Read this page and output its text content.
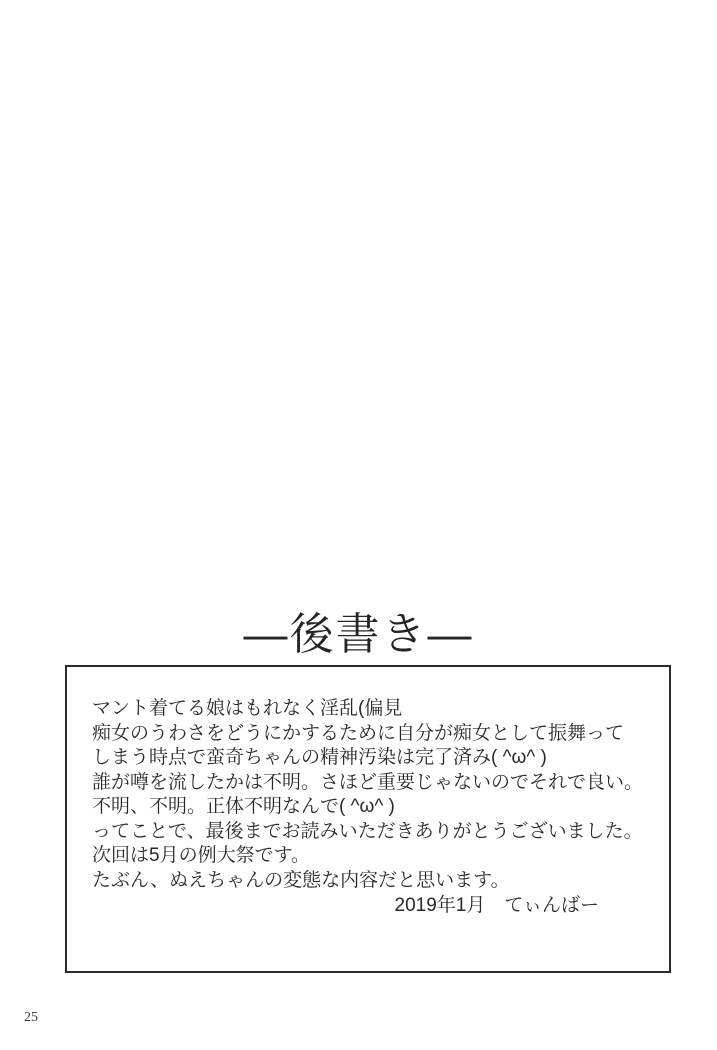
—後書き—

マント着てる娘はもれなく淫乱(偏見

痴女のうわさをどうにかするために自分が痴女として振舞って
しまう時点で蛮奇ちゃんの精神汚染は完了済み( ^ω^ )
誰が噂を流したかは不明。さほど重要じゃないのでそれで良い。
不明、不明。正体不明なんで( ^ω^ )

ってことで、最後までお読みいただきありがとうございました。
次回は5月の例大祭です。
たぶん、ぬえちゃんの変態な内容だと思います。

2019年1月　てぃんばー
25
